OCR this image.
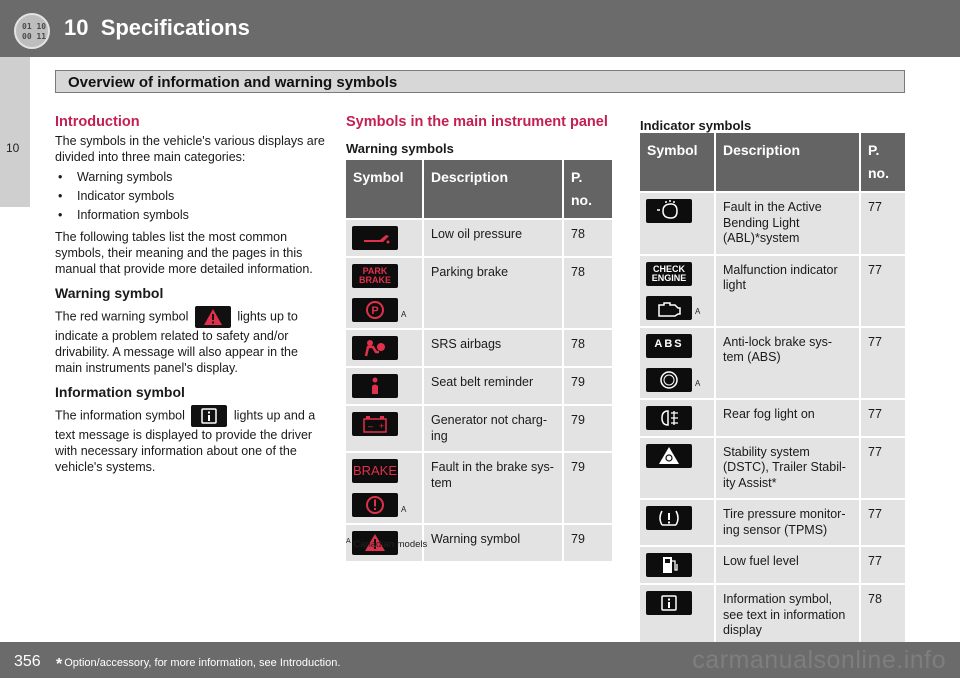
01 10
00 11 10  Specifications
10
Overview of information and warning symbols
Introduction

The symbols in the vehicle's various displays are divided into three main categories:

• Warning symbols
• Indicator symbols
• Information symbols

The following tables list the most common symbols, their meaning and the pages in this manual that provide more detailed information.

Warning symbol

The red warning symbol	lights up to indicate a problem related to safety and/or drivability. A message will also appear in the main instruments panel's display.

Information symbol

The information symbol	lights up and a text message is displayed to provide the driver with necessary information about one of the vehicle's systems.

Symbols in the main instrument panel
Warning symbols
Symbol	Description	P. no.

	Low oil pressure	78

PARK
BRAKE
P A	Parking brake	78

	SRS airbags	78

	Seat belt reminder	79

– +	Generator not charg-ing	79

BRAKE
A	Fault in the brake sys-tem	79

	Warning symbol	79
$^A$ Canadian models
Indicator symbols
Symbol	Description	P. no.

	Fault in the Active Bending Light (ABL)*system	77

CHECK
ENGINE
A	Malfunction indicator light	77

ABS
A	Anti-lock brake sys-tem (ABS)	77

	Rear fog light on	77

	Stability system (DSTC), Trailer Stabil-ity Assist*	77

	Tire pressure monitor-ing sensor (TPMS)	77

	Low fuel level	77

	Information symbol, see text in information display	78
356 * Option/accessory, for more information, see Introduction.	carmanualsonline.info
